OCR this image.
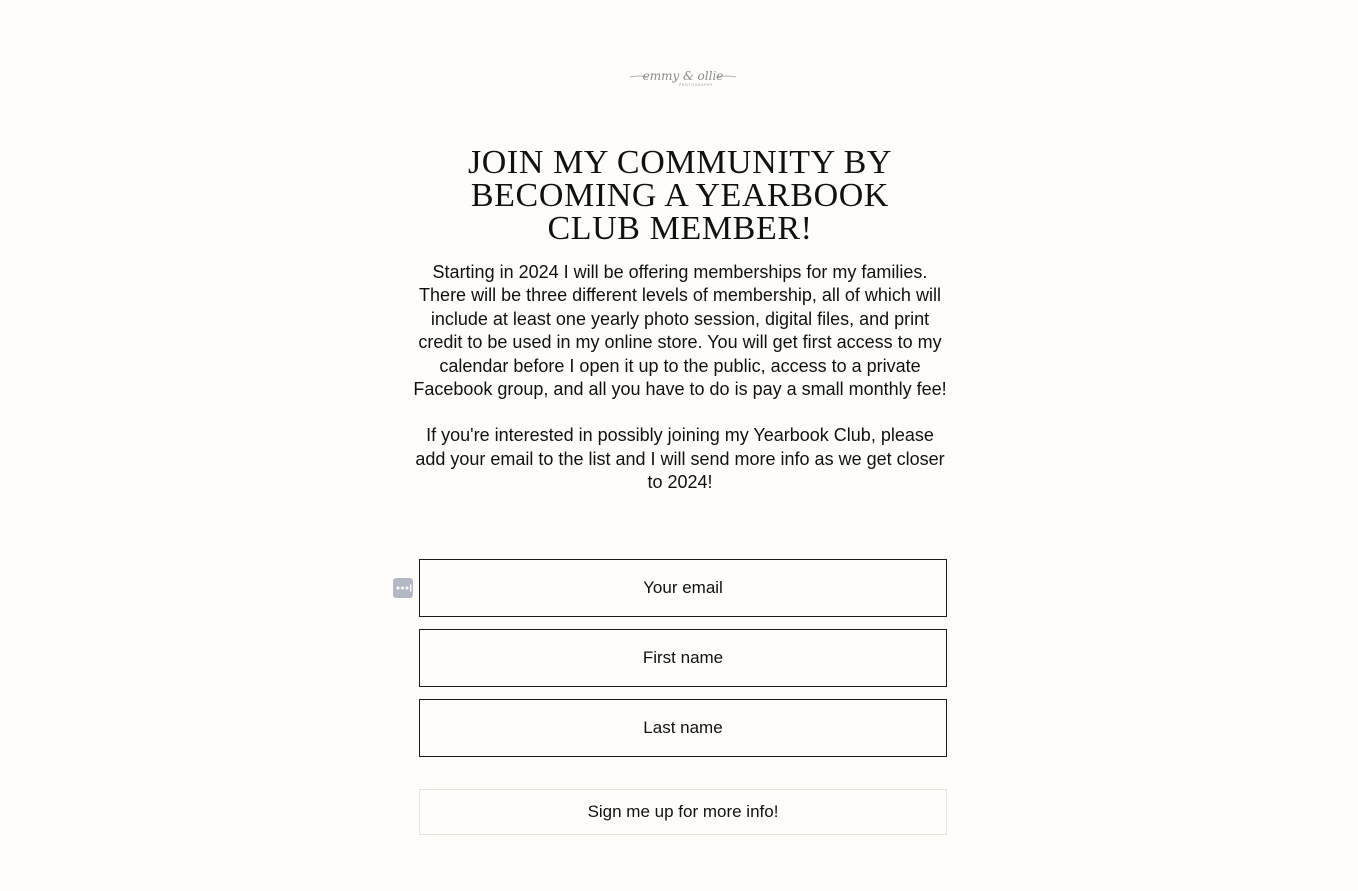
emmy & ollie
PHOTOGRAPHY
JOIN MY COMMUNITY BY BECOMING A YEARBOOK CLUB MEMBER!

Starting in 2024 I will be offering memberships for my families. There will be three different levels of membership, all of which will include at least one yearly photo session, digital files, and print credit to be used in my online store. You will get first access to my calendar before I open it up to the public, access to a private Facebook group, and all you have to do is pay a small monthly fee!

If you're interested in possibly joining my Yearbook Club, please add your email to the list and I will send more info as we get closer to 2024!

Your email
First name
Last name
Sign me up for more info!
